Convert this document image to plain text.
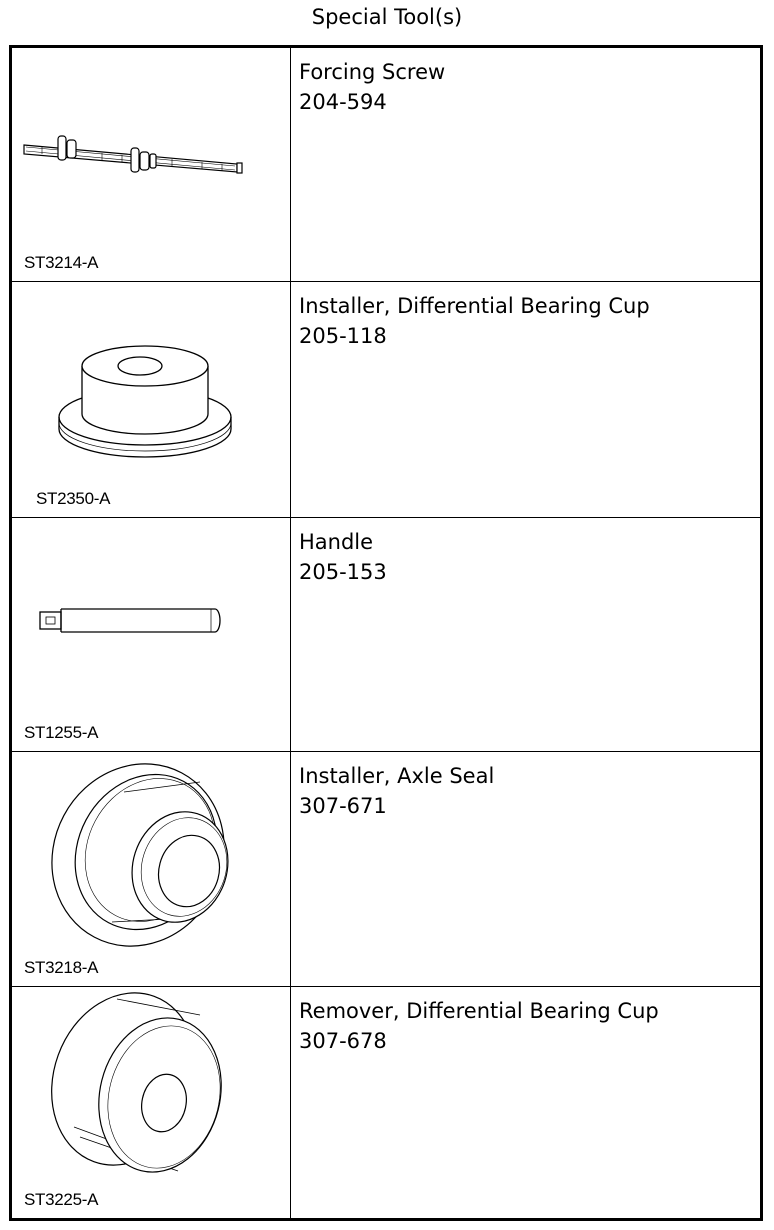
Special Tool(s)
ST3214-A	Forcing Screw
204-594

ST2350-A	Installer, Differential Bearing Cup
205-118

ST1255-A	Handle
205-153

ST3218-A	Installer, Axle Seal
307-671

ST3225-A	Remover, Differential Bearing Cup
307-678
